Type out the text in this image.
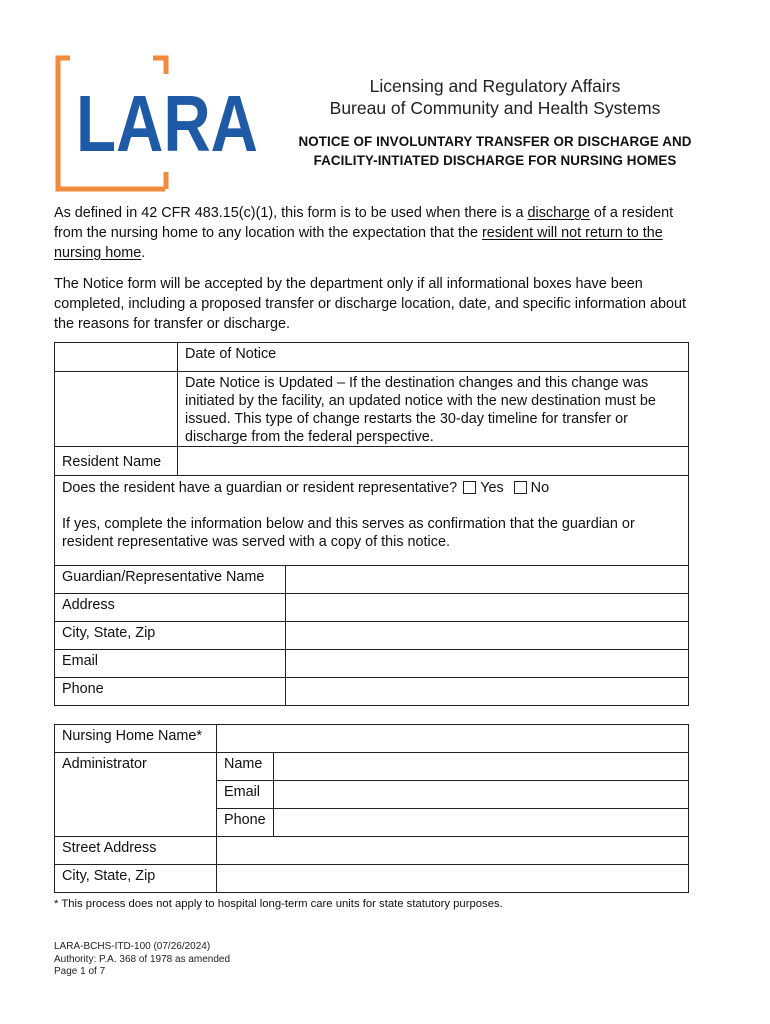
LARA	Licensing and Regulatory Affairs
Bureau of Community and Health Systems
NOTICE OF INVOLUNTARY TRANSFER OR DISCHARGE AND
FACILITY-INTIATED DISCHARGE FOR NURSING HOMES
As defined in 42 CFR 483.15(c)(1), this form is to be used when there is a discharge of a resident from the nursing home to any location with the expectation that the resident will not return to the nursing home.
The Notice form will be accepted by the department only if all informational boxes have been completed, including a proposed transfer or discharge location, date, and specific information about the reasons for transfer or discharge.
	Date of Notice
	Date Notice is Updated – If the destination changes and this change was initiated by the facility, an updated notice with the new destination must be issued. This type of change restarts the 30-day timeline for transfer or discharge from the federal perspective.
Resident Name	

Does the resident have a guardian or resident representative? Yes No
If yes, complete the information below and this serves as confirmation that the guardian or resident representative was served with a copy of this notice.	
Guardian/Representative Name	
Address	
City, State, Zip	
Email	
Phone	
Nursing Home Name*		
Administrator	Name	
	Email	
	Phone	
Street Address		
City, State, Zip		
* This process does not apply to hospital long-term care units for state statutory purposes.
LARA-BCHS-ITD-100 (07/26/2024)
Authority: P.A. 368 of 1978 as amended
Page 1 of 7
